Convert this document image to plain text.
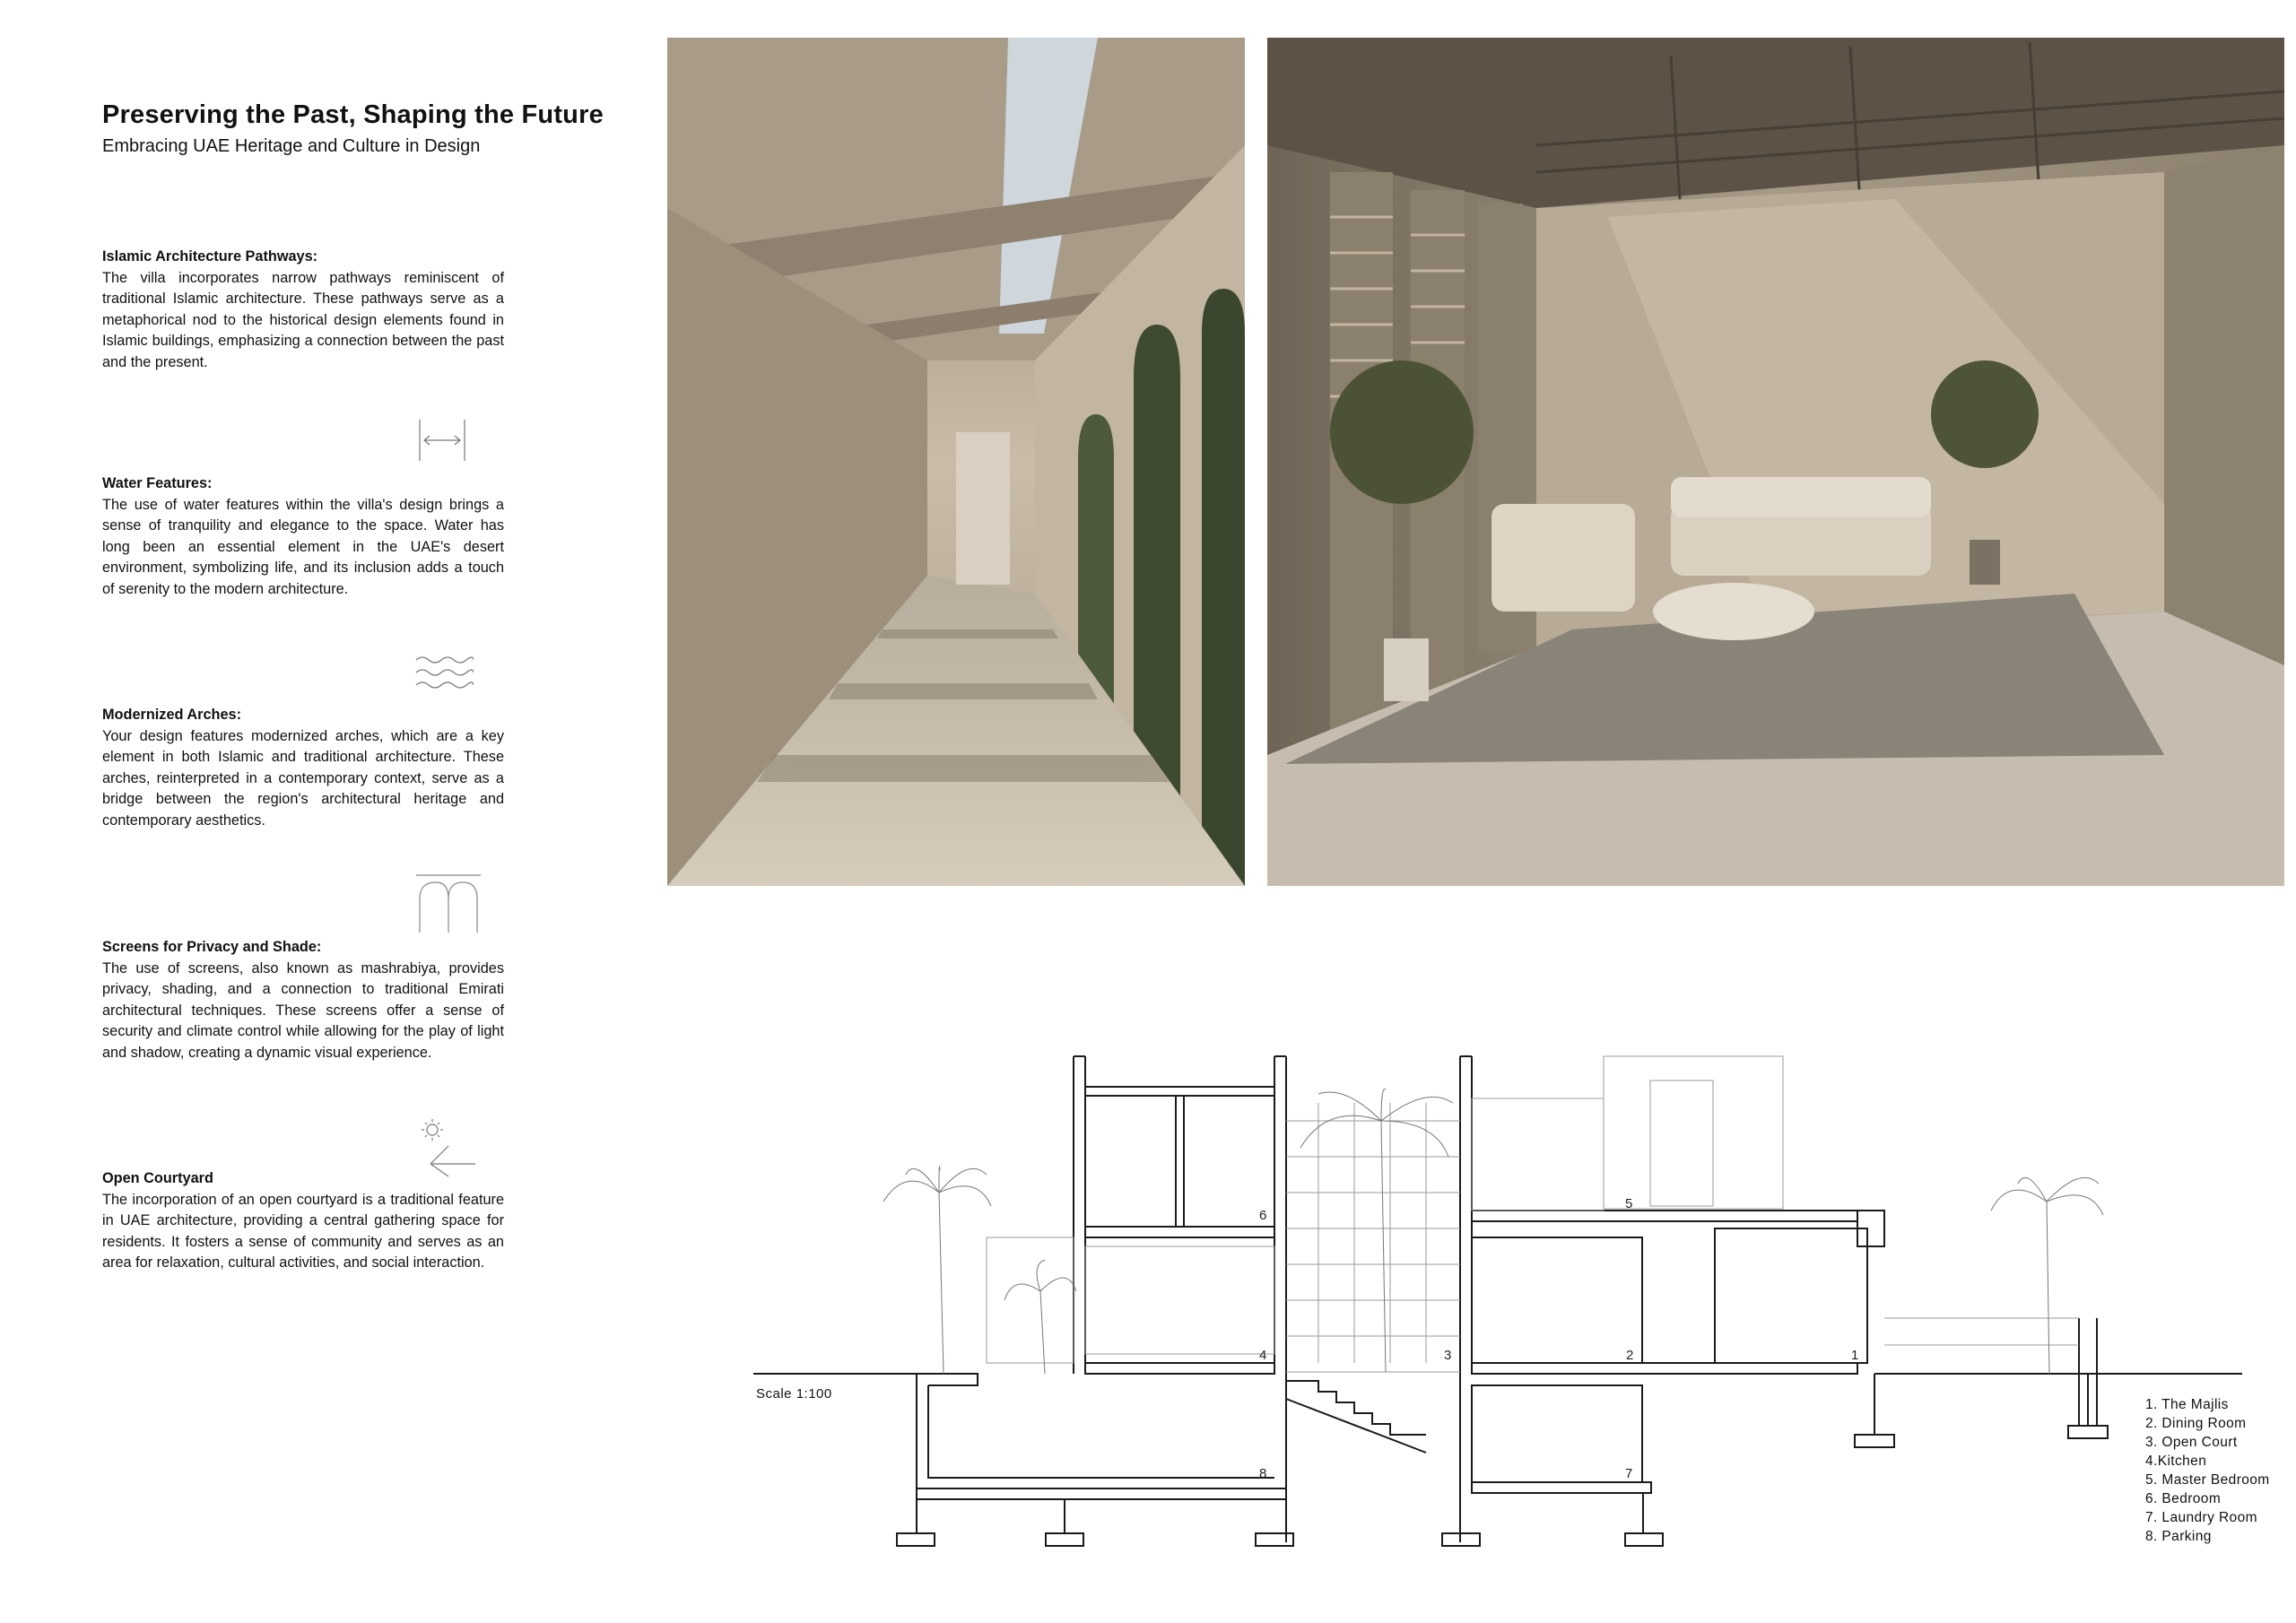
Preserving the Past, Shaping the Future
Embracing UAE Heritage and Culture in Design
Islamic Architecture Pathways:

The villa incorporates narrow pathways reminiscent of traditional Islamic architecture. These pathways serve as a metaphorical nod to the historical design elements found in Islamic buildings, emphasizing a connection between the past and the present.

Water Features:

The use of water features within the villa's design brings a sense of tranquility and elegance to the space. Water has long been an essential element in the UAE's desert environment, symbolizing life, and its inclusion adds a touch of serenity to the modern architecture.

Modernized Arches:

Your design features modernized arches, which are a key element in both Islamic and traditional architecture. These arches, reinterpreted in a contemporary context, serve as a bridge between the region's architectural heritage and contemporary aesthetics.

Screens for Privacy and Shade:

The use of screens, also known as mashrabiya, provides privacy, shading, and a connection to traditional Emirati architectural techniques. These screens offer a sense of security and climate control while allowing for the play of light and shadow, creating a dynamic visual experience.

Open Courtyard

The incorporation of an open courtyard is a traditional feature in UAE architecture, providing a central gathering space for residents. It fosters a sense of community and serves as an area for relaxation, cultural activities, and social interaction.

1
2
3
4
5
6
7
8
Scale 1:100
1. The Majlis
2. Dining Room
3. Open Court
4.Kitchen
5. Master Bedroom
6. Bedroom
7. Laundry Room
8. Parking
